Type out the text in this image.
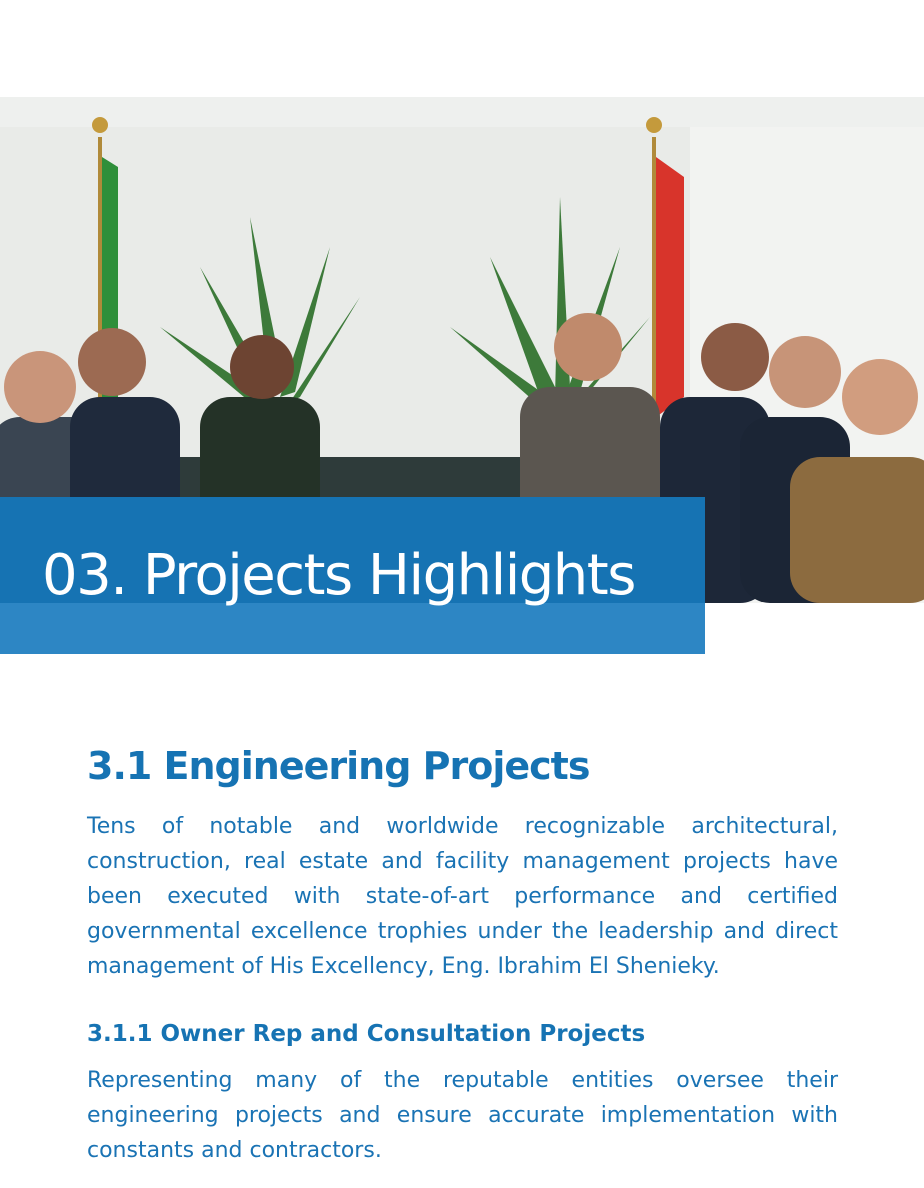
03. Projects Highlights
3.1 Engineering Projects

Tens of notable and worldwide recognizable architectural, construction, real estate and facility management projects have been executed with state-of-art performance and certified governmental excellence trophies under the leadership and direct management of His Excellency, Eng. Ibrahim El Shenieky.

3.1.1 Owner Rep and Consultation Projects

Representing many of the reputable entities oversee their engineering projects and ensure accurate implementation with constants and contractors.
